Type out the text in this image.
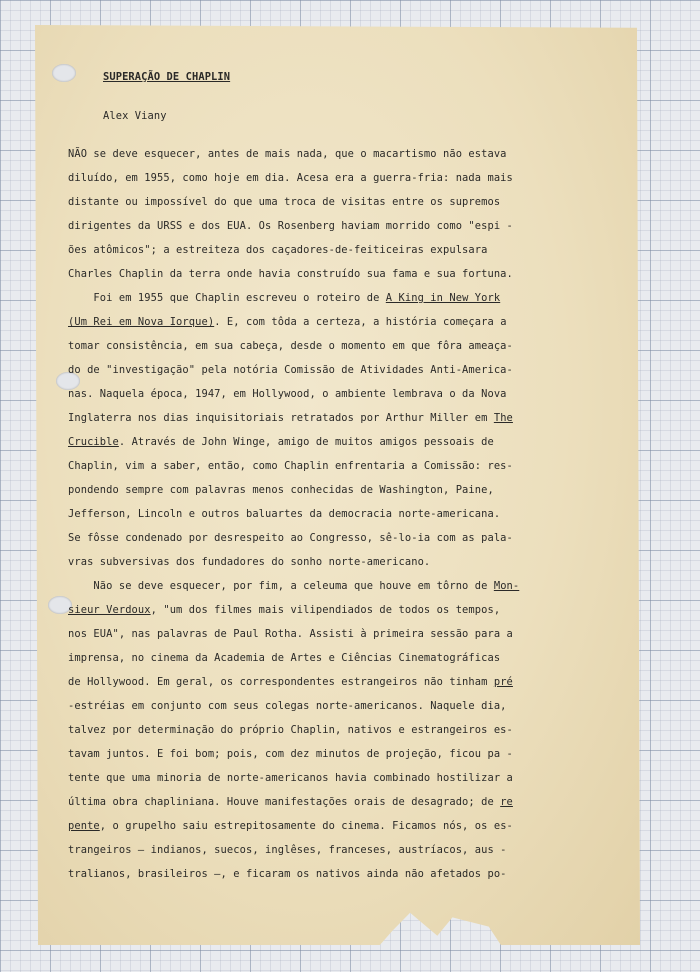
SUPERAÇÃO DE CHAPLIN
Alex Viany
NÃO se deve esquecer, antes de mais nada, que o macartismo não estava
diluído, em 1955, como hoje em dia. Acesa era a guerra-fria: nada mais
distante ou impossível do que uma troca de visitas entre os supremos
dirigentes da URSS e dos EUA. Os Rosenberg haviam morrido como "espi -
ões atômicos"; a estreiteza dos caçadores-de-feiticeiras expulsara
Charles Chaplin da terra onde havia construído sua fama e sua fortuna.
Foi em 1955 que Chaplin escreveu o roteiro de A King in New York
(Um Rei em Nova Iorque). E, com tôda a certeza, a história começara a
tomar consistência, em sua cabeça, desde o momento em que fôra ameaça-
do de "investigação" pela notória Comissão de Atividades Anti-America-
nas. Naquela época, 1947, em Hollywood, o ambiente lembrava o da Nova
Inglaterra nos dias inquisitoriais retratados por Arthur Miller em The
Crucible. Através de John Winge, amigo de muitos amigos pessoais de
Chaplin, vim a saber, então, como Chaplin enfrentaria a Comissão: res-
pondendo sempre com palavras menos conhecidas de Washington, Paine,
Jefferson, Lincoln e outros baluartes da democracia norte-americana.
Se fôsse condenado por desrespeito ao Congresso, sê-lo-ia com as pala-
vras subversivas dos fundadores do sonho norte-americano.
Não se deve esquecer, por fim, a celeuma que houve em tôrno de Mon-
sieur Verdoux, "um dos filmes mais vilipendiados de todos os tempos,
nos EUA", nas palavras de Paul Rotha. Assisti à primeira sessão para a
imprensa, no cinema da Academia de Artes e Ciências Cinematográficas
de Hollywood. Em geral, os correspondentes estrangeiros não tinham pré
-estréias em conjunto com seus colegas norte-americanos. Naquele dia,
talvez por determinação do próprio Chaplin, nativos e estrangeiros es-
tavam juntos. E foi bom; pois, com dez minutos de projeção, ficou pa -
tente que uma minoria de norte-americanos havia combinado hostilizar a
última obra chapliniana. Houve manifestações orais de desagrado; de re
pente, o grupelho saiu estrepitosamente do cinema. Ficamos nós, os es-
trangeiros — indianos, suecos, inglêses, franceses, austríacos, aus -
tralianos, brasileiros —, e ficaram os nativos ainda não afetados po-
